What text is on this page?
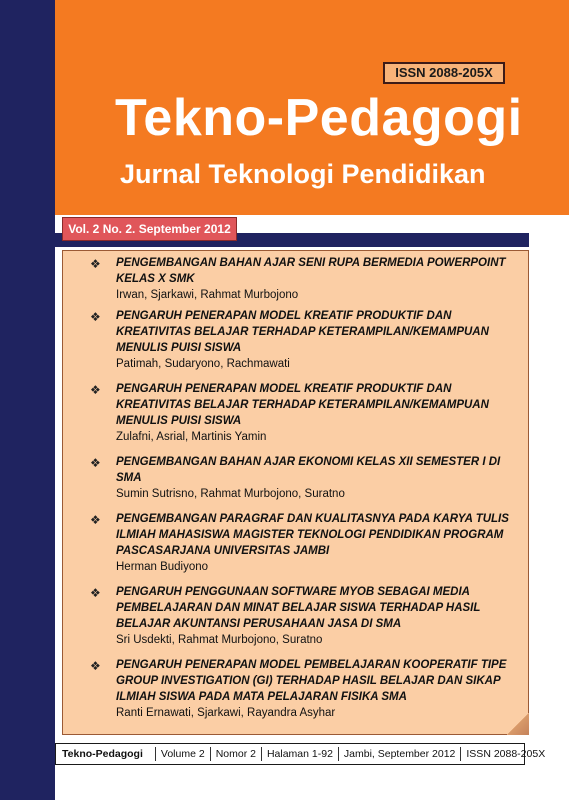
ISSN 2088-205X
Tekno-Pedagogi
Jurnal Teknologi Pendidikan
Vol. 2 No. 2. September 2012
❖	PENGEMBANGAN BAHAN AJAR SENI RUPA BERMEDIA POWERPOINT KELAS X SMK
Irwan, Sjarkawi, Rahmat Murbojono
❖	PENGARUH PENERAPAN MODEL KREATIF PRODUKTIF DAN KREATIVITAS BELAJAR TERHADAP KETERAMPILAN/KEMAMPUAN MENULIS PUISI SISWA
Patimah, Sudaryono, Rachmawati
❖	PENGARUH PENERAPAN MODEL KREATIF PRODUKTIF DAN KREATIVITAS BELAJAR TERHADAP KETERAMPILAN/KEMAMPUAN MENULIS PUISI SISWA
Zulafni, Asrial, Martinis Yamin
❖	PENGEMBANGAN BAHAN AJAR EKONOMI KELAS XII SEMESTER I DI SMA
Sumin Sutrisno, Rahmat Murbojono, Suratno
❖	PENGEMBANGAN PARAGRAF DAN KUALITASNYA PADA KARYA TULIS ILMIAH MAHASISWA MAGISTER TEKNOLOGI PENDIDIKAN PROGRAM PASCASARJANA UNIVERSITAS JAMBI
Herman Budiyono
❖	PENGARUH PENGGUNAAN SOFTWARE MYOB SEBAGAI MEDIA PEMBELAJARAN DAN MINAT BELAJAR SISWA TERHADAP HASIL BELAJAR AKUNTANSI PERUSAHAAN JASA DI SMA
Sri Usdekti, Rahmat Murbojono, Suratno
❖	PENGARUH PENERAPAN MODEL PEMBELAJARAN KOOPERATIF TIPE GROUP INVESTIGATION (GI) TERHADAP HASIL BELAJAR DAN SIKAP ILMIAH SISWA PADA MATA PELAJARAN FISIKA SMA
Ranti Ernawati, Sjarkawi, Rayandra Asyhar
Tekno-Pedagogi	Volume 2	Nomor 2	Halaman 1-92	Jambi, September 2012	ISSN 2088-205X
